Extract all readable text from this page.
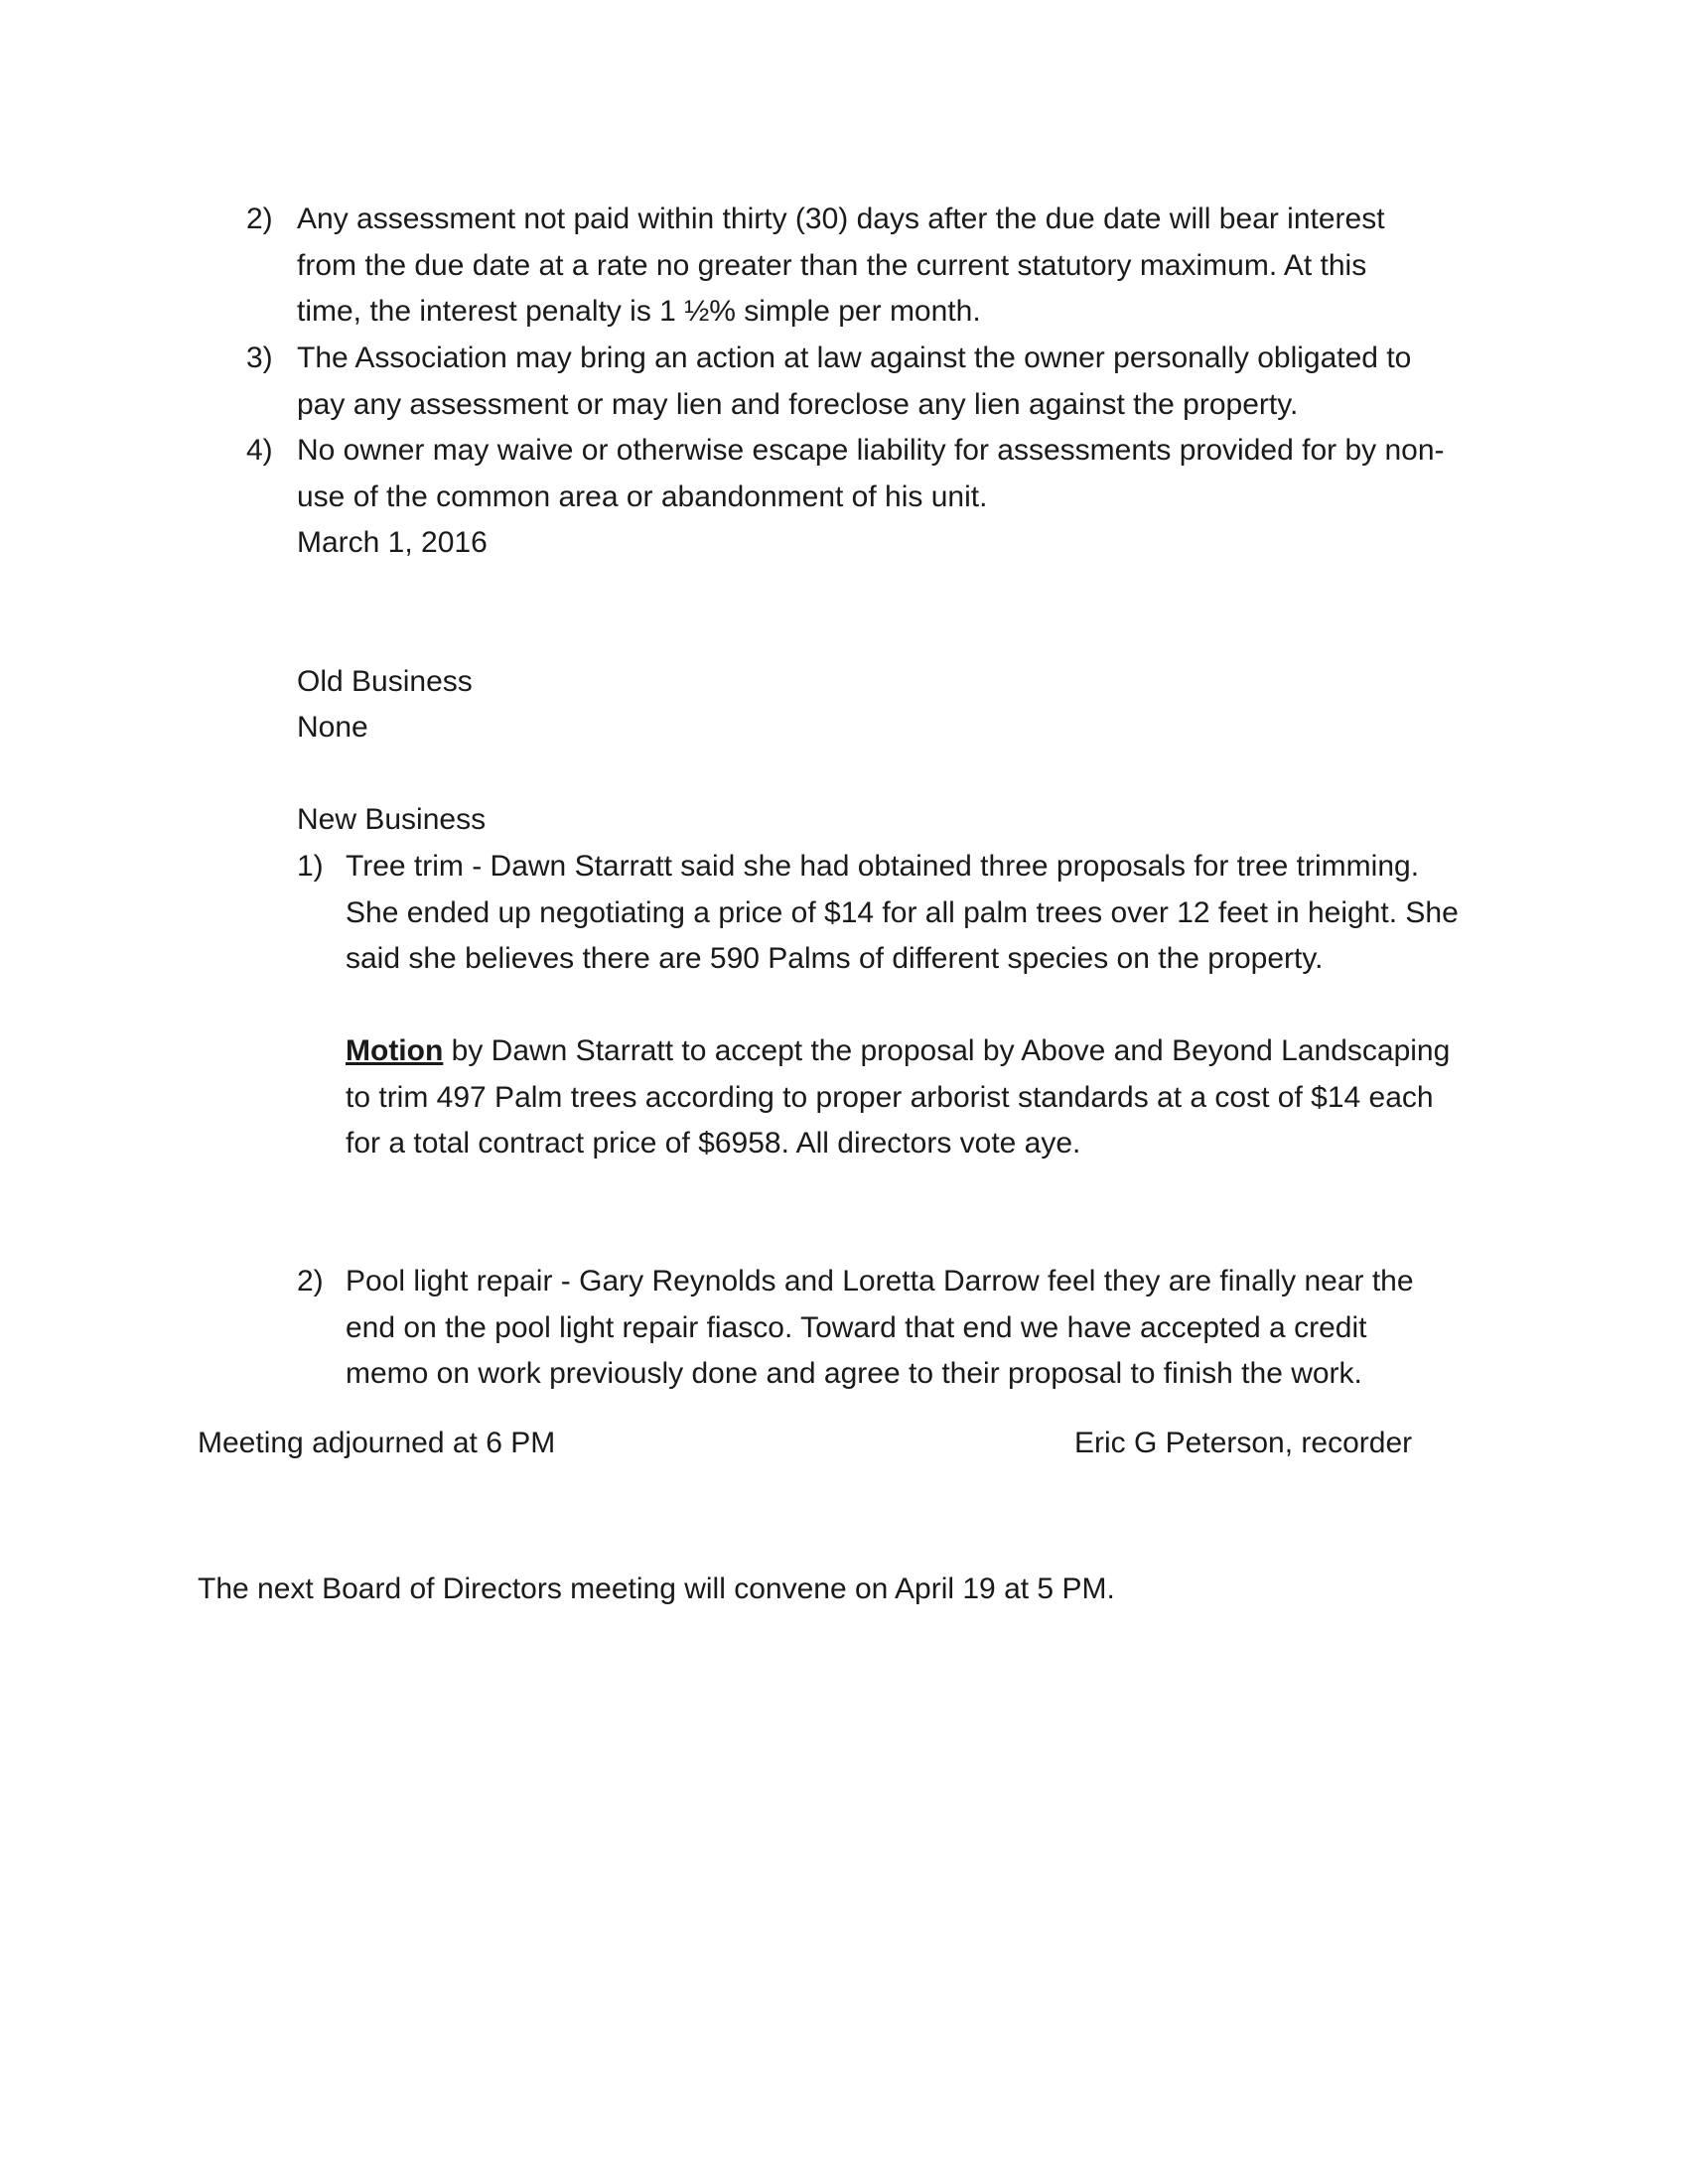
2) Any assessment not paid within thirty (30) days after the due date will bear interest
from the due date at a rate no greater than the current statutory maximum. At this
time, the interest penalty is 1 ½% simple per month.
3) The Association may bring an action at law against the owner personally obligated to
pay any assessment or may lien and foreclose any lien against the property.
4) No owner may waive or otherwise escape liability for assessments provided for by non-
use of the common area or abandonment of his unit.
March 1, 2016
Old Business
None
New Business
1) Tree trim - Dawn Starratt said she had obtained three proposals for tree trimming.
She ended up negotiating a price of $14 for all palm trees over 12 feet in height. She
said she believes there are 590 Palms of different species on the property.
Motion by Dawn Starratt to accept the proposal by Above and Beyond Landscaping
to trim 497 Palm trees according to proper arborist standards at a cost of $14 each
for a total contract price of $6958. All directors vote aye.
2) Pool light repair - Gary Reynolds and Loretta Darrow feel they are finally near the
end on the pool light repair fiasco. Toward that end we have accepted a credit
memo on work previously done and agree to their proposal to finish the work.
Meeting adjourned at 6 PM	Eric G Peterson, recorder
The next Board of Directors meeting will convene on April 19 at 5 PM.
